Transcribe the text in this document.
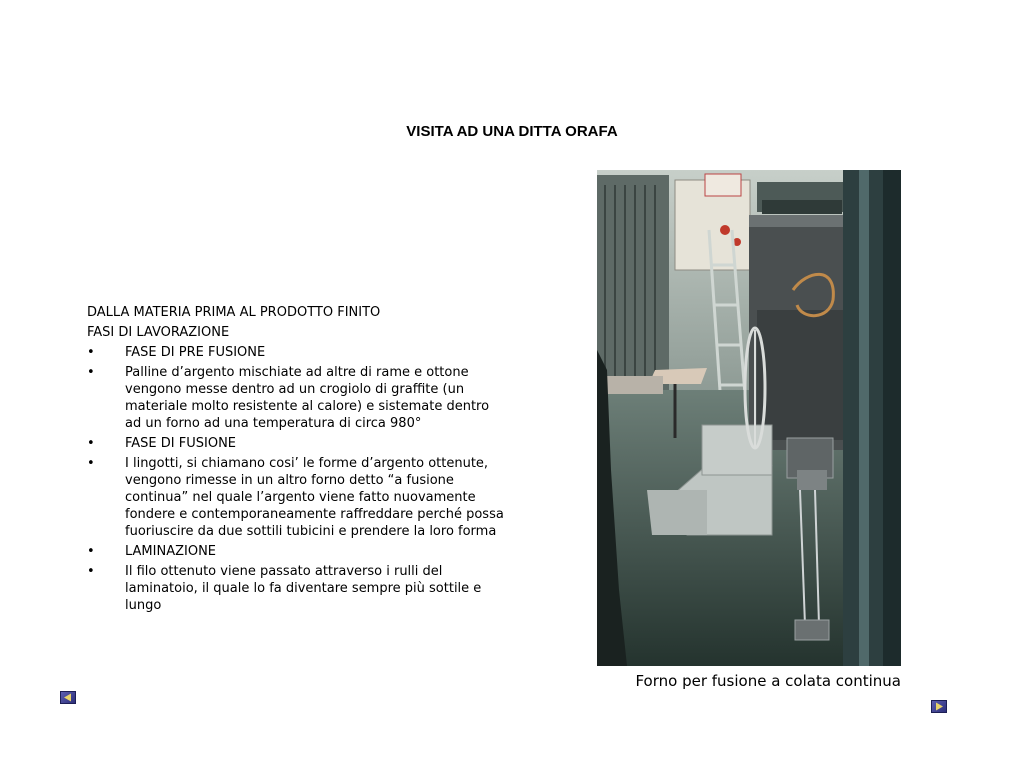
VISITA AD UNA DITTA ORAFA
DALLA MATERIA PRIMA AL PRODOTTO FINITO
FASI DI LAVORAZIONE
• FASE DI PRE FUSIONE
• Palline d’argento mischiate ad altre di rame e ottone vengono messe dentro ad un crogiolo di graffite (un materiale molto resistente al calore) e sistemate dentro ad un forno ad una temperatura di circa 980°
• FASE DI FUSIONE
• I lingotti, si chiamano cosi’ le forme d’argento ottenute, vengono rimesse in un altro forno detto “a fusione continua” nel quale l’argento viene fatto nuovamente fondere e contemporaneamente raffreddare perché possa fuoriuscire da due sottili tubicini e prendere la loro forma
• LAMINAZIONE
• Il filo ottenuto viene passato attraverso i rulli del laminatoio, il quale lo fa diventare sempre più sottile e lungo
Forno per fusione a colata continua
